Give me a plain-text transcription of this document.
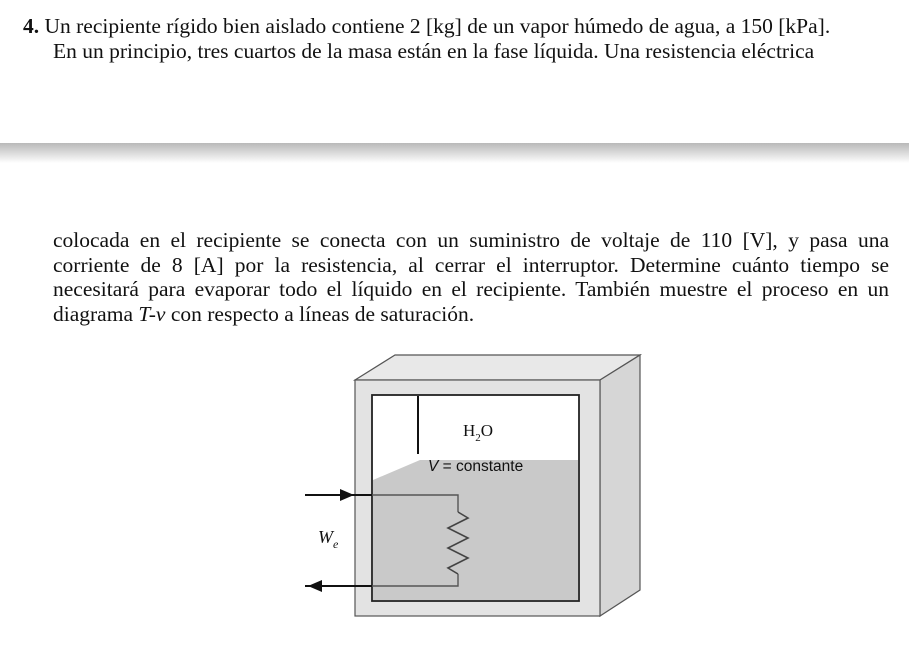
4. Un recipiente rígido bien aislado contiene 2 [kg] de un vapor húmedo de agua, a 150 [kPa].
En un principio, tres cuartos de la masa están en la fase líquida. Una resistencia eléctrica
colocada en el recipiente se conecta con un suministro de voltaje de 110 [V], y pasa una
corriente de 8 [A] por la resistencia, al cerrar el interruptor. Determine cuánto tiempo se
necesitará para evaporar todo el líquido en el recipiente. También muestre el proceso en un
diagrama T-v con respecto a líneas de saturación.
$H_2O$
V = constante
$W_e$
